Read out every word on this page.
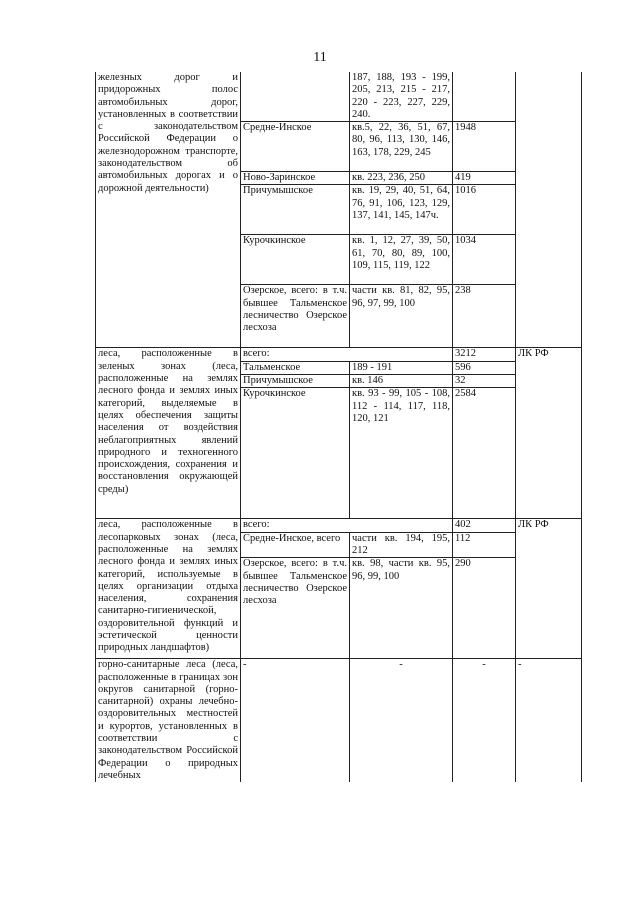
11
железных дорог и придорожных полос автомобильных дорог, установленных в соответствии с законодательством Российской Федерации о железнодорожном транспорте, законодательством об автомобильных дорогах и о дорожной деятельности)		187, 188, 193 - 199, 205, 213, 215 - 217, 220 - 223, 227, 229, 240.		
	Средне-Инское	кв.5, 22, 36, 51, 67, 80, 96, 113, 130, 146, 163, 178, 229, 245	1948	
	Ново-Заринское	кв. 223, 236, 250	419	
	Причумышское	кв. 19, 29, 40, 51, 64, 76, 91, 106, 123, 129, 137, 141, 145, 147ч.	1016	
	Курочкинское	кв. 1, 12, 27, 39, 50, 61, 70, 80, 89, 100, 109, 115, 119, 122	1034	
	Озерское, всего: в т.ч. бывшее Тальменское лесничество Озерское лесхоза	части кв. 81, 82, 95, 96, 97, 99, 100	238	
леса, расположенные в зеленых зонах (леса, расположенные на землях лесного фонда и землях иных категорий, выделяемые в целях обеспечения защиты населения от воздействия неблагоприятных явлений природного и техногенного происхождения, сохранения и восстановления окружающей среды)	всего:		3212	ЛК РФ
	Тальменское	189 - 191	596	
	Причумышское	кв. 146	32	
	Курочкинское	кв. 93 - 99, 105 - 108, 112 - 114, 117, 118, 120, 121	2584	
леса, расположенные в лесопарковых зонах (леса, расположенные на землях лесного фонда и землях иных категорий, используемые в целях организации отдыха населения, сохранения санитарно-гигиенической, оздоровительной функций и эстетической ценности природных ландшафтов)	всего:		402	ЛК РФ
	Средне-Инское, всего	части кв. 194, 195, 212	112	
	Озерское, всего: в т.ч. бывшее Тальменское лесничество Озерское лесхоза	кв. 98, части кв. 95, 96, 99, 100	290	
горно-санитарные леса (леса, расположенные в границах зон округов санитарной (горно-санитарной) охраны лечебно-оздоровительных местностей и курортов, установленных в соответствии с законодательством Российской Федерации о природных лечебных	-	-	-	-
